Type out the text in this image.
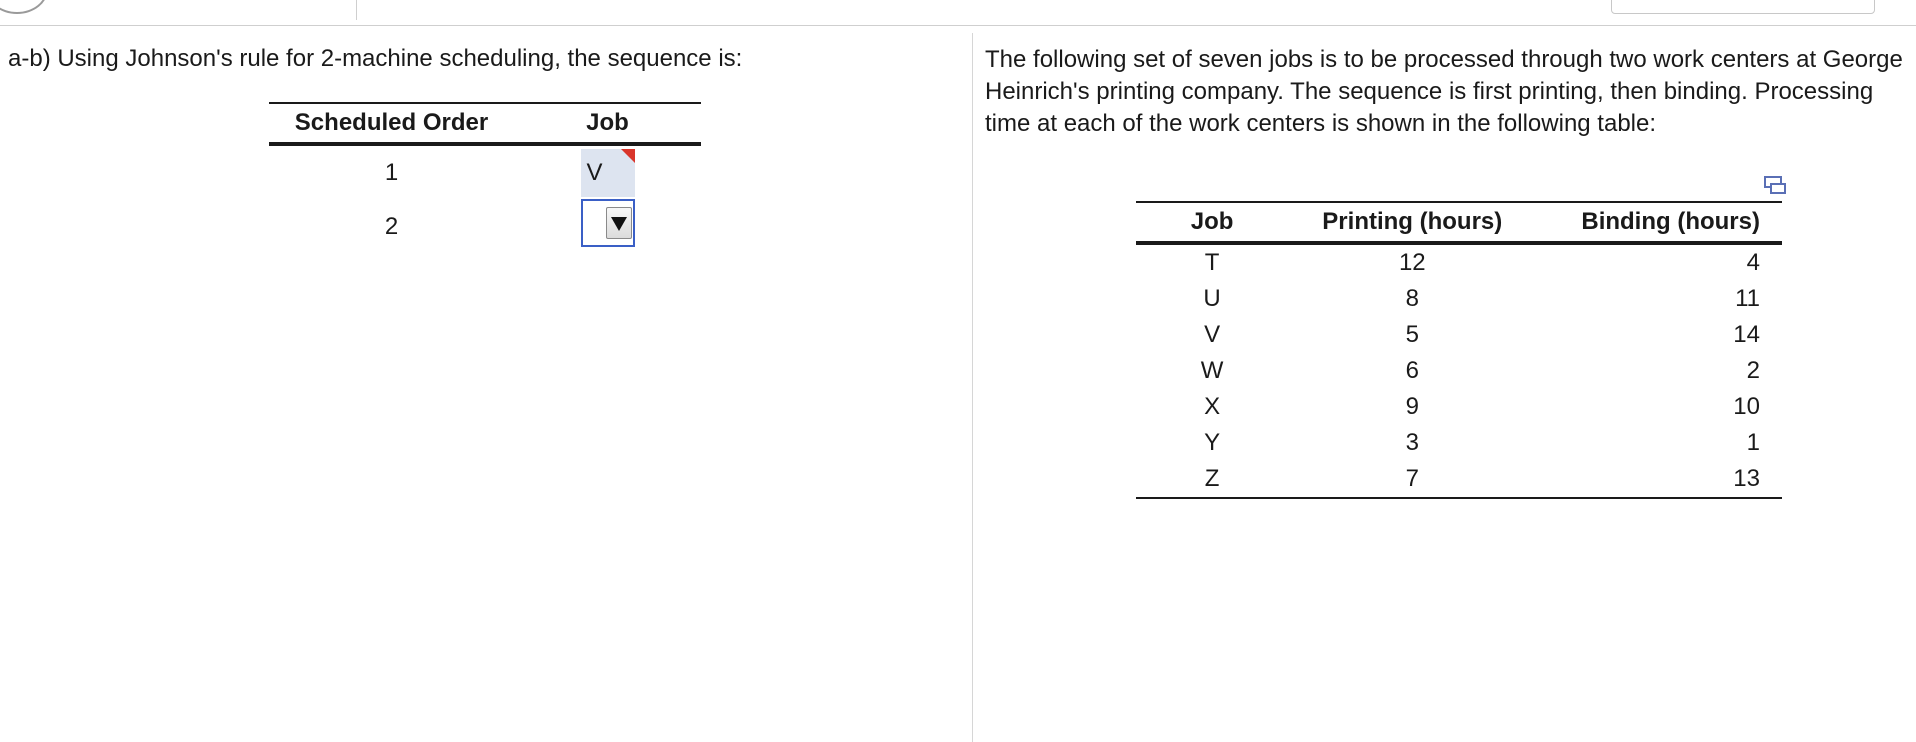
a-b) Using Johnson's rule for 2-machine scheduling, the sequence is:

Scheduled Order	Job
1	V

2	

The following set of seven jobs is to be processed through two work centers at George Heinrich's printing company. The sequence is first printing, then binding. Processing time at each of the work centers is shown in the following table:

Job	Printing (hours)	Binding (hours)
T	12	4
U	8	11
V	5	14
W	6	2
X	9	10
Y	3	1
Z	7	13
